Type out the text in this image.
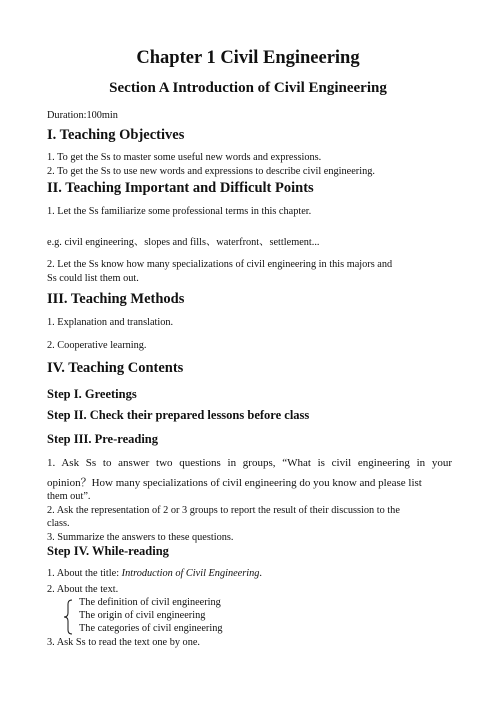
Chapter 1 Civil Engineering
Section A Introduction of Civil Engineering
Duration:100min
I. Teaching Objectives
1. To get the Ss to master some useful new words and expressions.
2. To get the Ss to use new words and expressions to describe civil engineering.
II. Teaching Important and Difficult Points
1. Let the Ss familiarize some professional terms in this chapter.
e.g. civil engineering、slopes and fills、waterfront、settlement...
2. Let the Ss know how many specializations of civil engineering in this majors and
Ss could list them out.
III. Teaching Methods
1. Explanation and translation.
2. Cooperative learning.
IV. Teaching Contents
Step I. Greetings
Step II. Check their prepared lessons before class
Step III. Pre-reading
1. Ask Ss to answer two questions in groups, “What is civil engineering in your
opinion？How many specializations of civil engineering do you know and please list
them out”.
2. Ask the representation of 2 or 3 groups to report the result of their discussion to the
class.
3. Summarize the answers to these questions.
Step IV. While-reading
1. About the title: Introduction of Civil Engineering.
2. About the text.
The definition of civil engineering
The origin of civil engineering
The categories of civil engineering
3. Ask Ss to read the text one by one.
